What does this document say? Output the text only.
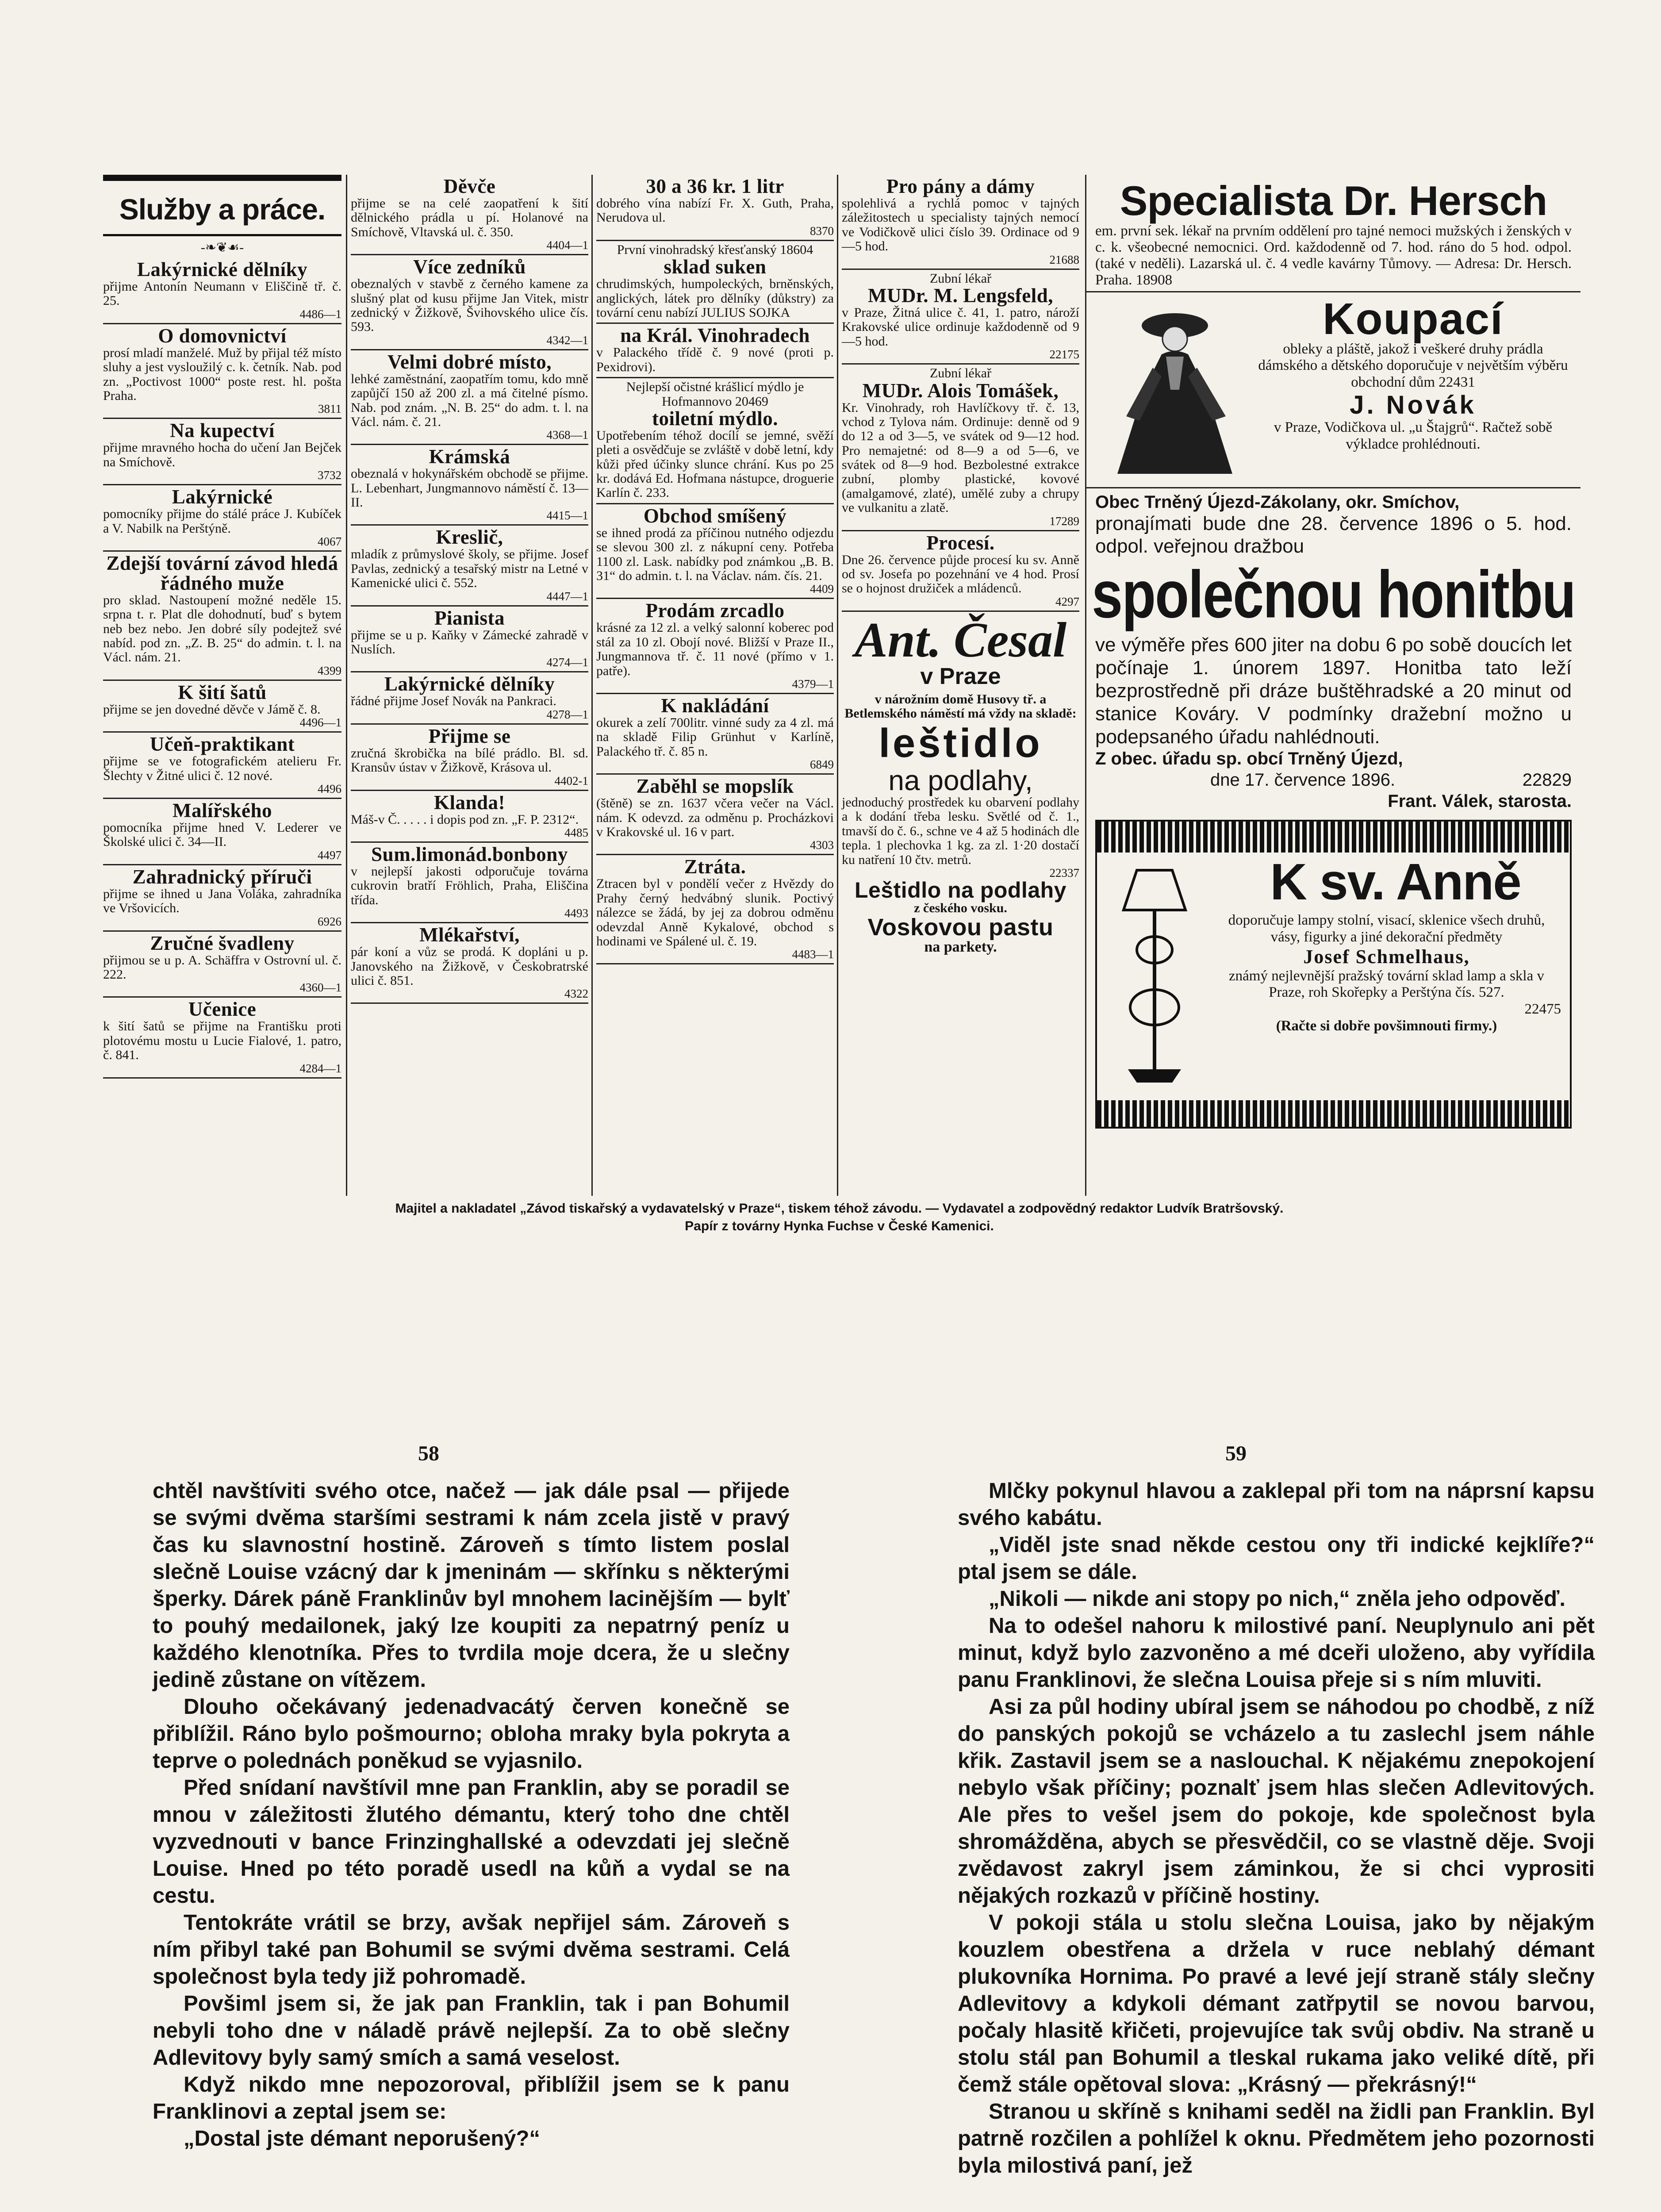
Služby a práce.
-❧❦☙-
Lakýrnické dělníky
přijme Antonín Neumann v Eliščině tř. č. 25.
4486—1
O domovnictví
prosí mladí manželé. Muž by přijal též místo sluhy a jest vysloužilý c. k. četník. Nab. pod zn. „Poctivost 1000“ poste rest. hl. pošta Praha.
3811
Na kupectví
přijme mravného hocha do učení Jan Bejček na Smíchově.
3732
Lakýrnické
pomocníky přijme do stálé práce J. Kubíček a V. Nabilk na Perštýně.
4067
Zdejší tovární závod hledá řádného muže
pro sklad. Nastoupení možné neděle 15. srpna t. r. Plat dle dohodnutí, buď s bytem neb bez nebo. Jen dobré síly podejtež své nabíd. pod zn. „Z. B. 25“ do admin. t. l. na Václ. nám. 21.
4399
K šití šatů
přijme se jen dovedné děvče v Jámě č. 8.
4496—1
Učeň-praktikant
přijme se ve fotografickém atelieru Fr. Šlechty v Žitné ulici č. 12 nové.
4496
Malířského
pomocníka přijme hned V. Lederer ve Školské ulici č. 34—II.
4497
Zahradnický příruči
přijme se ihned u Jana Voláka, zahradníka ve Vršovicích.
6926
Zručné švadleny
přijmou se u p. A. Schäffra v Ostrovní ul. č. 222.
4360—1
Učenice
k šití šatů se přijme na Františku proti plotovému mostu u Lucie Fialové, 1. patro, č. 841.
4284—1
Děvče
přijme se na celé zaopatření k šití dělnického prádla u pí. Holanové na Smíchově, Vltavská ul. č. 350.
4404—1
Více zedníků
obeznalých v stavbě z černého kamene za slušný plat od kusu přijme Jan Vitek, mistr zednický v Žižkově, Švihovského ulice čís. 593.
4342—1
Velmi dobré místo,
lehké zaměstnání, zaopatřím tomu, kdo mně zapůjčí 150 až 200 zl. a má čitelné písmo. Nab. pod znám. „N. B. 25“ do adm. t. l. na Václ. nám. č. 21.
4368—1
Krámská
obeznalá v hokynářském obchodě se přijme. L. Lebenhart, Jungmannovo náměstí č. 13—II.
4415—1
Kreslič,
mladík z průmyslové školy, se přijme. Josef Pavlas, zednický a tesařský mistr na Letné v Kamenické ulici č. 552.
4447—1
Pianista
přijme se u p. Kaňky v Zámecké zahradě v Nuslích.
4274—1
Lakýrnické dělníky
řádné přijme Josef Novák na Pankraci.
4278—1
Přijme se
zručná škrobička na bílé prádlo. Bl. sd. Kransův ústav v Žižkově, Krásova ul.
4402-1
Klanda!
Máš-v Č. . . . . i dopis pod zn. „F. P. 2312“.
4485
Sum.limonád.bonbony
v nejlepší jakosti odporučuje továrna cukrovin bratří Fröhlich, Praha, Eliščina třída.
4493
Mlékařství,
pár koní a vůz se prodá. K dopláni u p. Janovského na Žižkově, v Českobratrské ulici č. 851.
4322
30 a 36 kr. 1 litr
dobrého vína nabízí Fr. X. Guth, Praha, Nerudova ul.
8370
První vinohradský křesťanský 18604
sklad suken
chrudimských, humpoleckých, brněnských, anglických, látek pro dělníky (důkstry) za tovární cenu nabízí JULIUS SOJKA
na Král. Vinohradech
v Palackého třídě č. 9 nové (proti p. Pexidrovi).
Nejlepší očistné krášlicí mýdlo je Hofmannovo 20469
toiletní mýdlo.
Upotřebením téhož docílí se jemné, svěží pleti a osvědčuje se zvláště v době letní, kdy kůži před účinky slunce chrání. Kus po 25 kr. dodává Ed. Hofmana nástupce, droguerie Karlín č. 233.
Obchod smíšený
se ihned prodá za příčinou nutného odjezdu se slevou 300 zl. z nákupní ceny. Potřeba 1100 zl. Lask. nabídky pod známkou „B. B. 31“ do admin. t. l. na Václav. nám. čís. 21.
4409
Prodám zrcadlo
krásné za 12 zl. a velký salonní koberec pod stál za 10 zl. Obojí nové. Bližší v Praze II., Jungmannova tř. č. 11 nové (přímo v 1. patře).
4379—1
K nakládání
okurek a zelí 700litr. vinné sudy za 4 zl. má na skladě Filip Grünhut v Karlíně, Palackého tř. č. 85 n.
6849
Zaběhl se mopslík
(štěně) se zn. 1637 včera večer na Václ. nám. K odevzd. za odměnu p. Procházkovi v Krakovské ul. 16 v part.
4303
Ztráta.
Ztracen byl v pondělí večer z Hvězdy do Prahy černý hedvábný slunik. Poctivý nálezce se žádá, by jej za dobrou odměnu odevzdal Anně Kykalové, obchod s hodinami ve Spálené ul. č. 19.
4483—1
Pro pány a dámy
spolehlivá a rychlá pomoc v tajných záležitostech u specialisty tajných nemocí ve Vodičkově ulici číslo 39. Ordinace od 9—5 hod.
21688
Zubní lékař
MUDr. M. Lengsfeld,
v Praze, Žitná ulice č. 41, 1. patro, nároží Krakovské ulice ordinuje každodenně od 9—5 hod.
22175
Zubní lékař
MUDr. Alois Tomášek,
Kr. Vinohrady, roh Havlíčkovy tř. č. 13, vchod z Tylova nám. Ordinuje: denně od 9 do 12 a od 3—5, ve svátek od 9—12 hod. Pro nemajetné: od 8—9 a od 5—6, ve svátek od 8—9 hod. Bezbolestné extrakce zubní, plomby plastické, kovové (amalgamové, zlaté), umělé zuby a chrupy ve vulkanitu a zlatě.
17289
Procesí.
Dne 26. července půjde procesí ku sv. Anně od sv. Josefa po pozehnání ve 4 hod. Prosí se o hojnost družiček a mládenců.
4297
Ant. Česal
v Praze
v nárožním domě Husovy tř. a Betlemského náměstí má vždy na skladě:
leštidlo
na podlahy,
jednoduchý prostředek ku obarvení podlahy a k dodání třeba lesku. Světlé od č. 1., tmavší do č. 6., schne ve 4 až 5 hodinách dle tepla. 1 plechovka 1 kg. za zl. 1·20 dostačí ku natření 10 čtv. metrů.
22337
Leštidlo na podlahy
z českého vosku.
Voskovou pastu
na parkety.
Specialista Dr. Hersch
em. první sek. lékař na prvním oddělení pro tajné nemoci mužských i ženských v c. k. všeobecné nemocnici. Ord. každodenně od 7. hod. ráno do 5 hod. odpol. (také v neděli). Lazarská ul. č. 4 vedle kavárny Tůmovy. — Adresa: Dr. Hersch. Praha. 18908
Koupací
obleky a pláště, jakož i veškeré druhy prádla dámského a dětského doporučuje v největším výběru obchodní dům 22431
J. Novák
v Praze, Vodičkova ul. „u Štajgrů“. Račtež sobě výkladce prohlédnouti.
Obec Trněný Újezd-Zákolany, okr. Smíchov,
pronajímati bude dne 28. července 1896 o 5. hod. odpol. veřejnou dražbou
společnou honitbu
ve výměře přes 600 jiter na dobu 6 po sobě doucích let počínaje 1. únorem 1897. Honitba tato leží bezprostředně při dráze buštěhradské a 20 minut od stanice Kováry. V podmínky dražební možno u podepsaného úřadu nahlédnouti.
Z obec. úřadu sp. obcí Trněný Újezd,
dne 17. července 1896.	22829
Frant. Válek, starosta.
K sv. Anně
doporučuje lampy stolní, visací, sklenice všech druhů, vásy, figurky a jiné dekorační předměty
Josef Schmelhaus,
známý nejlevnější pražský tovární sklad lamp a skla v Praze, roh Skořepky a Perštýna čís. 527.
22475
(Račte si dobře povšimnouti firmy.)
Majitel a nakladatel „Závod tiskařský a vydavatelský v Praze“, tiskem téhož závodu. — Vydavatel a zodpovědný redaktor Ludvík Bratršovský.
Papír z továrny Hynka Fuchse v České Kamenici.
58	59

chtěl navštíviti svého otce, načež — jak dále psal — přijede se svými dvěma staršími sestrami k nám zcela jistě v pravý čas ku slavnostní hostině. Zároveň s tímto listem poslal slečně Louise vzácný dar k jmeninám — skřínku s některými šperky. Dárek páně Franklinův byl mnohem lacinějším — bylť to pouhý medailonek, jaký lze koupiti za nepatrný peníz u každého klenotníka. Přes to tvrdila moje dcera, že u slečny jedině zůstane on vítězem.

Dlouho očekávaný jedenadvacátý červen konečně se přiblížil. Ráno bylo pošmourno; obloha mraky byla pokryta a teprve o polednách poněkud se vyjasnilo.

Před snídaní navštívil mne pan Franklin, aby se poradil se mnou v záležitosti žlutého démantu, který toho dne chtěl vyzvednouti v bance Frinzinghallské a odevzdati jej slečně Louise. Hned po této poradě usedl na kůň a vydal se na cestu.

Tentokráte vrátil se brzy, avšak nepřijel sám. Zároveň s ním přibyl také pan Bohumil se svými dvěma sestrami. Celá společnost byla tedy již pohromadě.

Povšiml jsem si, že jak pan Franklin, tak i pan Bohumil nebyli toho dne v náladě právě nejlepší. Za to obě slečny Adlevitovy byly samý smích a samá veselost.

Když nikdo mne nepozoroval, přiblížil jsem se k panu Franklinovi a zeptal jsem se:

„Dostal jste démant neporušený?“

Mlčky pokynul hlavou a zaklepal při tom na náprsní kapsu svého kabátu.

„Viděl jste snad někde cestou ony tři indické kejklíře?“ ptal jsem se dále.

„Nikoli — nikde ani stopy po nich,“ zněla jeho odpověď.

Na to odešel nahoru k milostivé paní. Neuplynulo ani pět minut, když bylo zazvoněno a mé dceři uloženo, aby vyřídila panu Franklinovi, že slečna Louisa přeje si s ním mluviti.

Asi za půl hodiny ubíral jsem se náhodou po chodbě, z níž do panských pokojů se vcházelo a tu zaslechl jsem náhle křik. Zastavil jsem se a naslouchal. K nějakému znepokojení nebylo však příčiny; poznalť jsem hlas slečen Adlevitových. Ale přes to vešel jsem do pokoje, kde společnost byla shromážděna, abych se přesvědčil, co se vlastně děje. Svoji zvědavost zakryl jsem záminkou, že si chci vyprositi nějakých rozkazů v příčině hostiny.

V pokoji stála u stolu slečna Louisa, jako by nějakým kouzlem obestřena a držela v ruce neblahý démant plukovníka Hornima. Po pravé a levé její straně stály slečny Adlevitovy a kdykoli démant zatřpytil se novou barvou, počaly hlasitě křičeti, projevujíce tak svůj obdiv. Na straně u stolu stál pan Bohumil a tleskal rukama jako veliké dítě, při čemž stále opětoval slova: „Krásný — překrásný!“

Stranou u skříně s knihami seděl na židli pan Franklin. Byl patrně rozčilen a pohlížel k oknu. Předmětem jeho pozornosti byla milostivá paní, jež
